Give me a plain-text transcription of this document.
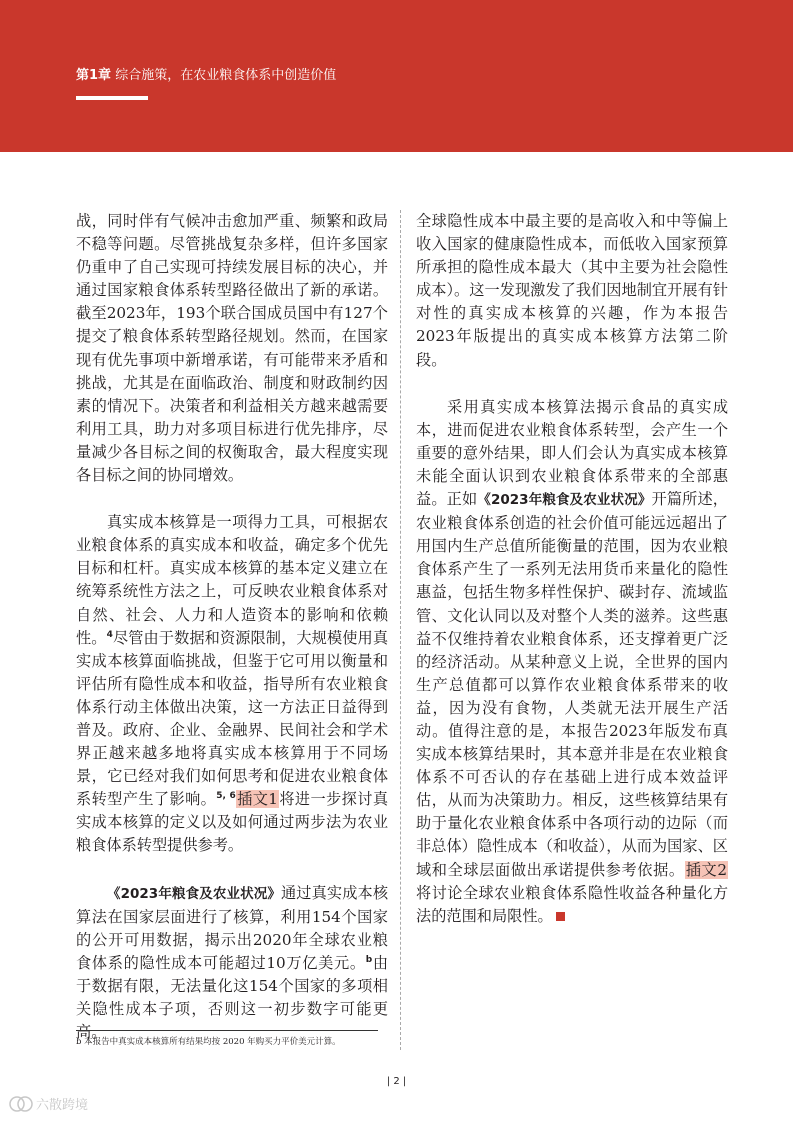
第1章 综合施策，在农业粮食体系中创造价值

战，同时伴有气候冲击愈加严重、频繁和政局不稳等问题。尽管挑战复杂多样，但许多国家仍重申了自己实现可持续发展目标的决心，并通过国家粮食体系转型路径做出了新的承诺。截至2023年，193个联合国成员国中有127个提交了粮食体系转型路径规划。然而，在国家现有优先事项中新增承诺，有可能带来矛盾和挑战，尤其是在面临政治、制度和财政制约因素的情况下。决策者和利益相关方越来越需要利用工具，助力对多项目标进行优先排序，尽量减少各目标之间的权衡取舍，最大程度实现各目标之间的协同增效。

真实成本核算是一项得力工具，可根据农业粮食体系的真实成本和收益，确定多个优先目标和杠杆。真实成本核算的基本定义建立在统筹系统性方法之上，可反映农业粮食体系对自然、社会、人力和人造资本的影响和依赖性。$^4$尽管由于数据和资源限制，大规模使用真实成本核算面临挑战，但鉴于它可用以衡量和评估所有隐性成本和收益，指导所有农业粮食体系行动主体做出决策，这一方法正日益得到普及。政府、企业、金融界、民间社会和学术界正越来越多地将真实成本核算用于不同场景，它已经对我们如何思考和促进农业粮食体系转型产生了影响。$^{5, 6}$插文1将进一步探讨真实成本核算的定义以及如何通过两步法为农业粮食体系转型提供参考。

《2023年粮食及农业状况》通过真实成本核算法在国家层面进行了核算，利用154个国家的公开可用数据，揭示出2020年全球农业粮食体系的隐性成本可能超过10万亿美元。$^b$由于数据有限，无法量化这154个国家的多项相关隐性成本子项，否则这一初步数字可能更高。

全球隐性成本中最主要的是高收入和中等偏上收入国家的健康隐性成本，而低收入国家预算所承担的隐性成本最大（其中主要为社会隐性成本）。这一发现激发了我们因地制宜开展有针对性的真实成本核算的兴趣，作为本报告2023年版提出的真实成本核算方法第二阶段。

采用真实成本核算法揭示食品的真实成本，进而促进农业粮食体系转型，会产生一个重要的意外结果，即人们会认为真实成本核算未能全面认识到农业粮食体系带来的全部惠益。正如《2023年粮食及农业状况》开篇所述，农业粮食体系创造的社会价值可能远远超出了用国内生产总值所能衡量的范围，因为农业粮食体系产生了一系列无法用货币来量化的隐性惠益，包括生物多样性保护、碳封存、流域监管、文化认同以及对整个人类的滋养。这些惠益不仅维持着农业粮食体系，还支撑着更广泛的经济活动。从某种意义上说，全世界的国内生产总值都可以算作农业粮食体系带来的收益，因为没有食物，人类就无法开展生产活动。值得注意的是，本报告2023年版发布真实成本核算结果时，其本意并非是在农业粮食体系不可否认的存在基础上进行成本效益评估，从而为决策助力。相反，这些核算结果有助于量化农业粮食体系中各项行动的边际（而非总体）隐性成本（和收益），从而为国家、区域和全球层面做出承诺提供参考依据。插文2将讨论全球农业粮食体系隐性收益各种量化方法的范围和局限性。

b 本报告中真实成本核算所有结果均按 2020 年购买力平价美元计算。
| 2 |
六散跨境
